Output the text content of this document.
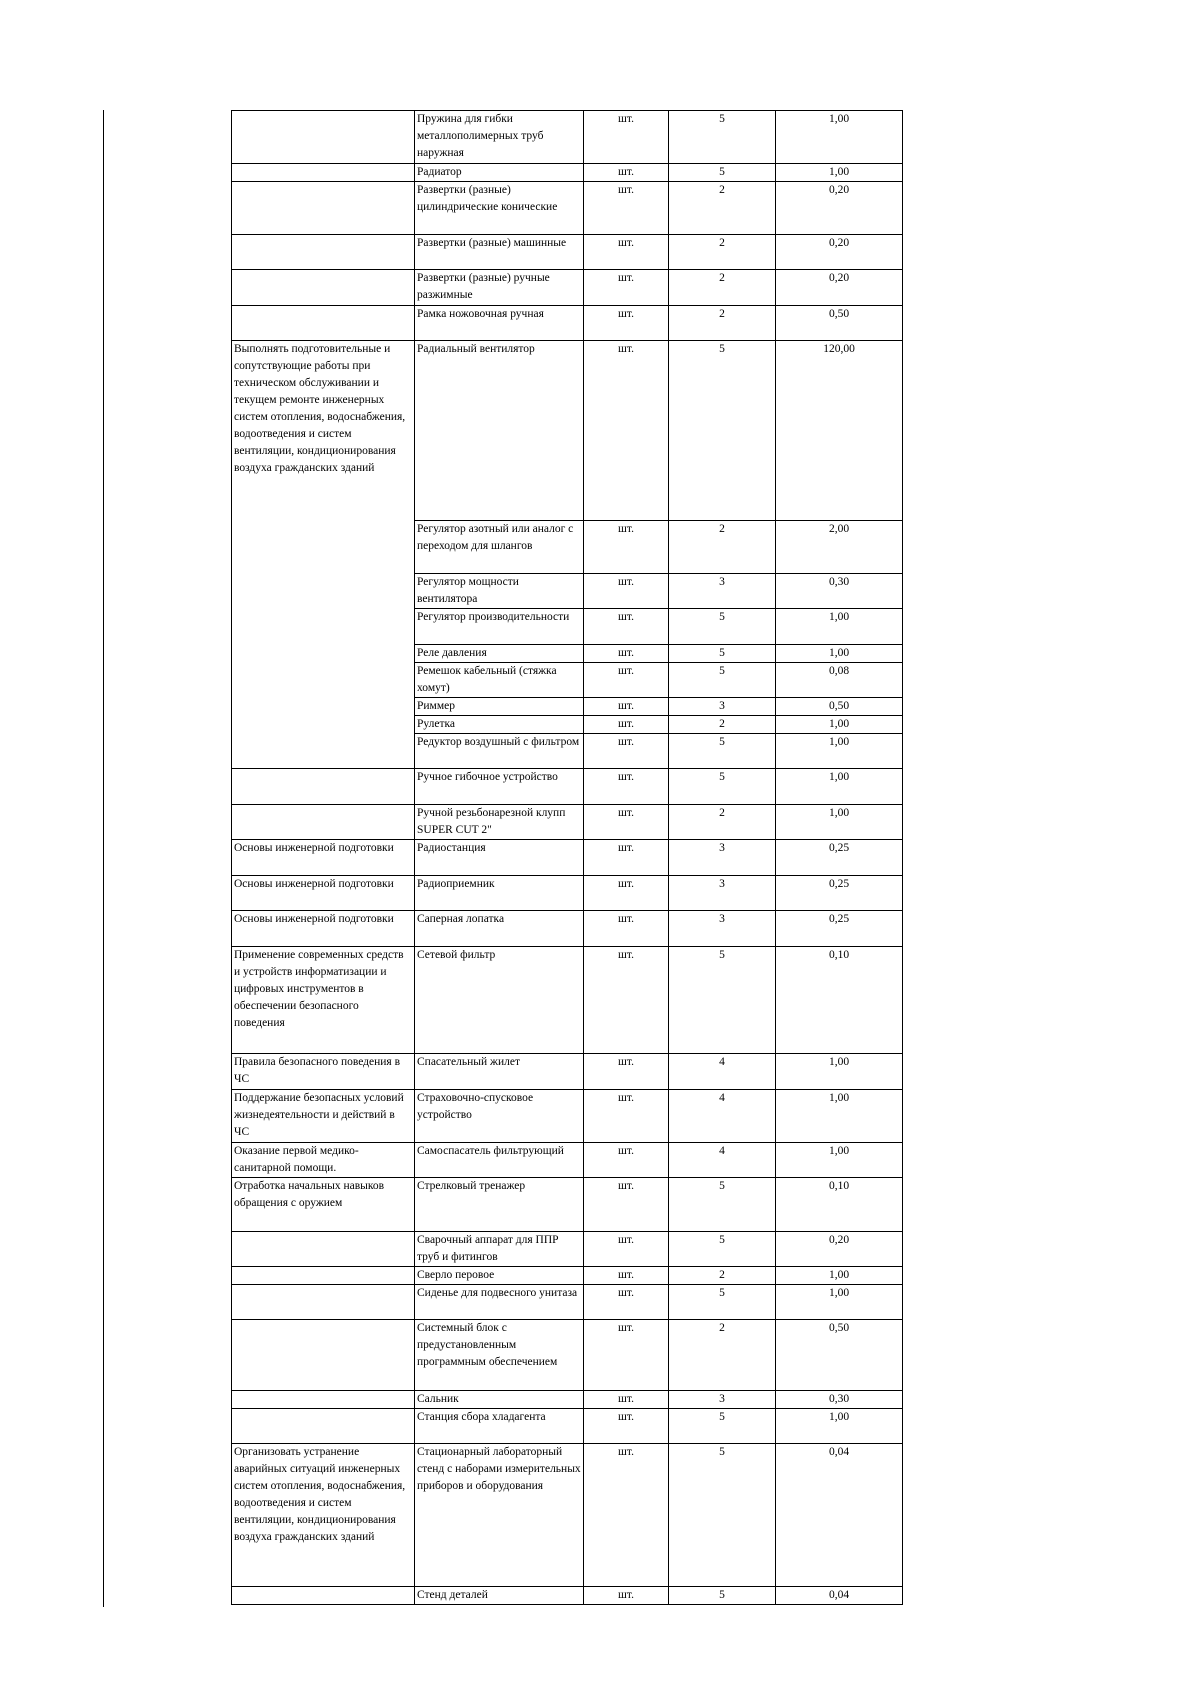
	Пружина для гибки металлополимерных труб наружная	шт.	5	1,00
	Радиатор	шт.	5	1,00
	Развертки (разные) цилиндрические конические	шт.	2	0,20
	Развертки (разные) машинные	шт.	2	0,20
	Развертки (разные) ручные разжимные	шт.	2	0,20
	Рамка ножовочная ручная	шт.	2	0,50
Выполнять подготовительные и сопутствующие работы при техническом обслуживании и текущем ремонте инженерных систем отопления, водоснабжения, водоотведения и систем вентиляции, кондиционирования воздуха гражданских зданий	Радиальный вентилятор	шт.	5	120,00
	Регулятор азотный или аналог с переходом для шлангов	шт.	2	2,00
	Регулятор мощности вентилятора	шт.	3	0,30
	Регулятор производительности	шт.	5	1,00
	Реле давления	шт.	5	1,00
	Ремешок кабельный (стяжка хомут)	шт.	5	0,08
	Риммер	шт.	3	0,50
	Рулетка	шт.	2	1,00
	Редуктор воздушный с фильтром	шт.	5	1,00
	Ручное гибочное устройство	шт.	5	1,00
	Ручной резьбонарезной клупп SUPER CUT 2"	шт.	2	1,00
Основы инженерной подготовки	Радиостанция	шт.	3	0,25
Основы инженерной подготовки	Радиоприемник	шт.	3	0,25
Основы инженерной подготовки	Саперная лопатка	шт.	3	0,25
Применение современных средств и устройств информатизации и цифровых инструментов в обеспечении безопасного поведения	Сетевой фильтр	шт.	5	0,10
Правила безопасного поведения в ЧС	Спасательный жилет	шт.	4	1,00
Поддержание безопасных условий жизнедеятельности и действий в ЧС	Страховочно-спусковое устройство	шт.	4	1,00
Оказание первой медико-санитарной помощи.	Самоспасатель фильтрующий	шт.	4	1,00
Отработка начальных навыков обращения с оружием	Стрелковый тренажер	шт.	5	0,10
	Сварочный аппарат для ППР труб и фитингов	шт.	5	0,20
	Сверло перовое	шт.	2	1,00
	Сиденье для подвесного унитаза	шт.	5	1,00
	Системный блок с предустановленным программным обеспечением	шт.	2	0,50
	Сальник	шт.	3	0,30
	Станция сбора хладагента	шт.	5	1,00
Организовать устранение аварийных ситуаций инженерных систем отопления, водоснабжения, водоотведения и систем вентиляции, кондиционирования воздуха гражданских зданий	Стационарный лабораторный стенд с наборами измерительных приборов и оборудования	шт.	5	0,04
	Стенд деталей	шт.	5	0,04
